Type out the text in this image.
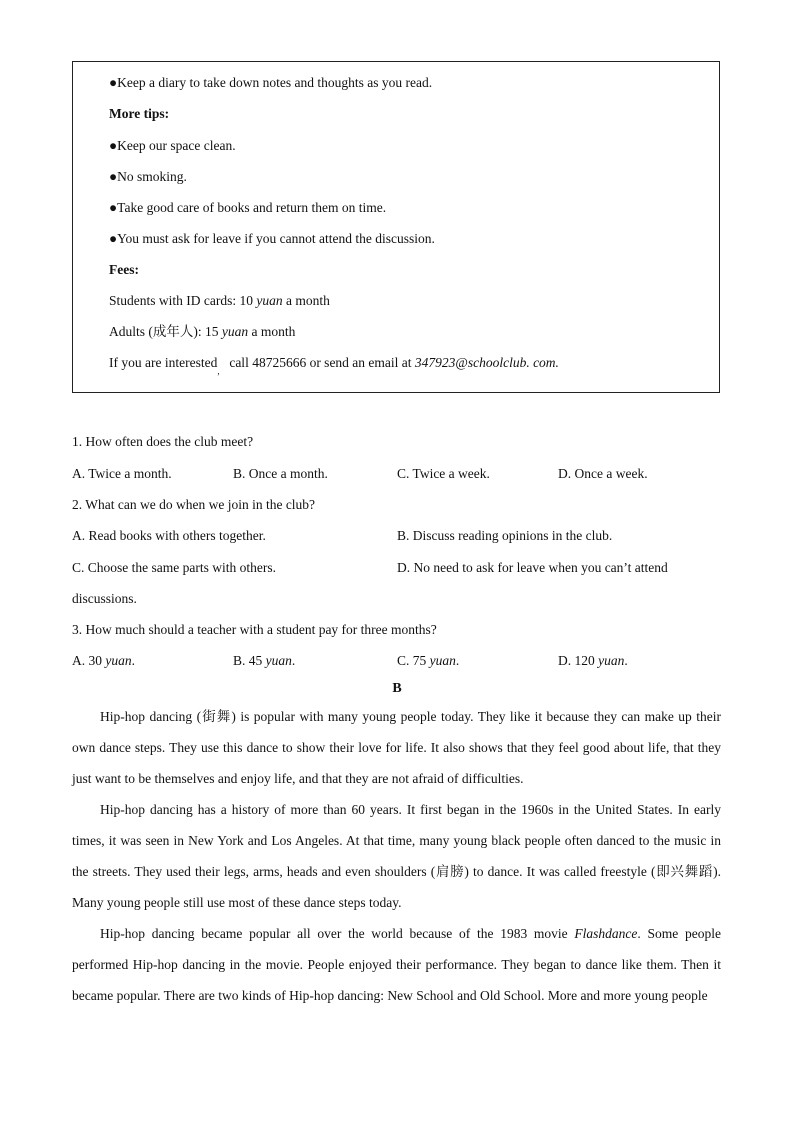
●Keep a diary to take down notes and thoughts as you read.
More tips:
●Keep our space clean.
●No smoking.
●Take good care of books and return them on time.
●You must ask for leave if you cannot attend the discussion.
Fees:
Students with ID cards: 10 yuan a month
Adults (成年人): 15 yuan a month
If you are interested,call 48725666 or send an email at 347923@schoolclub. com.
1. How often does the club meet?
A. Twice a month.	B. Once a month.	C. Twice a week.	D. Once a week.
2. What can we do when we join in the club?
A. Read books with others together.	B. Discuss reading opinions in the club.
C. Choose the same parts with others.	D. No need to ask for leave when you can’t attend
discussions.
3. How much should a teacher with a student pay for three months?
A. 30 yuan.	B. 45 yuan.	C. 75 yuan.	D. 120 yuan.
B

Hip-hop dancing (街舞) is popular with many young people today. They like it because they can make up their own dance steps. They use this dance to show their love for life. It also shows that they feel good about life, that they just want to be themselves and enjoy life, and that they are not afraid of difficulties.

Hip-hop dancing has a history of more than 60 years. It first began in the 1960s in the United States. In early times, it was seen in New York and Los Angeles. At that time, many young black people often danced to the music in the streets. They used their legs, arms, heads and even shoulders (肩膀) to dance. It was called freestyle (即兴舞蹈). Many young people still use most of these dance steps today.

Hip-hop dancing became popular all over the world because of the 1983 movie Flashdance. Some people performed Hip-hop dancing in the movie. People enjoyed their performance. They began to dance like them. Then it became popular. There are two kinds of Hip-hop dancing: New School and Old School. More and more young people
